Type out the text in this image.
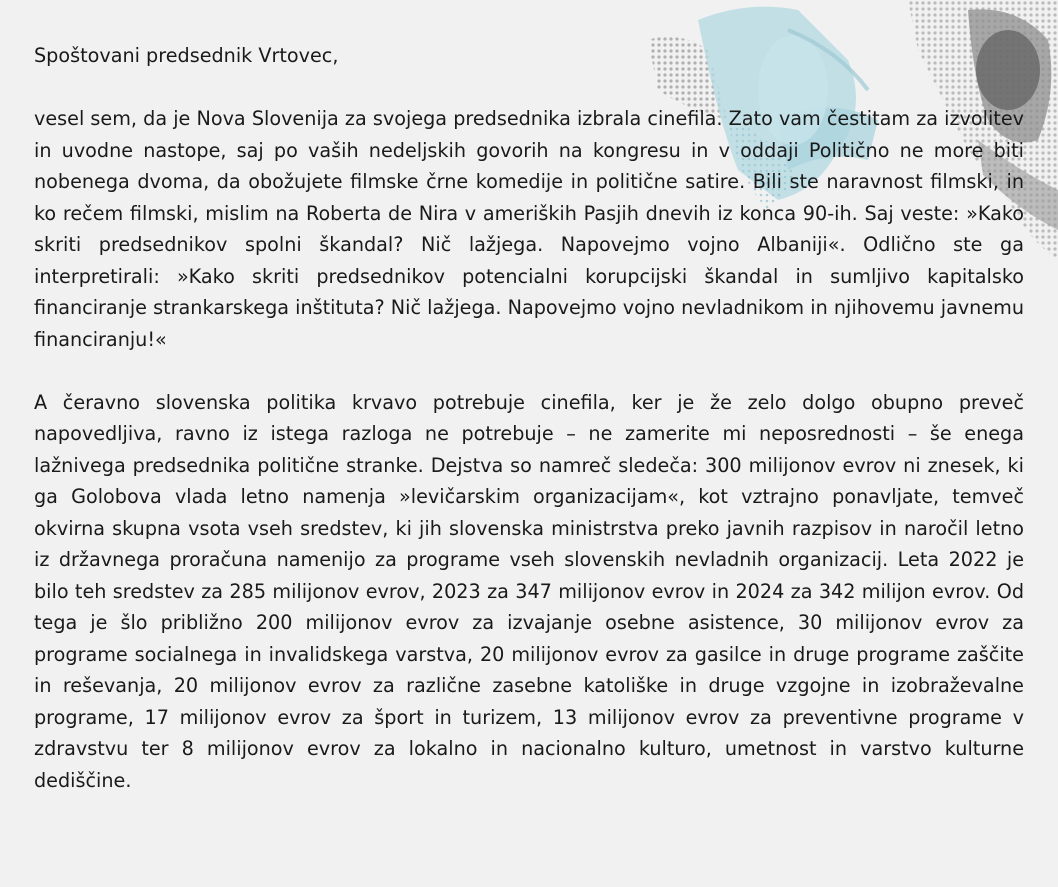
Spoštovani predsednik Vrtovec,

vesel sem, da je Nova Slovenija za svojega predsednika izbrala cinefila. Zato vam čestitam za izvolitev in uvodne nastope, saj po vaših nedeljskih govorih na kongresu in v oddaji Politično ne more biti nobenega dvoma, da obožujete filmske črne komedije in politične satire. Bili ste naravnost filmski, in ko rečem filmski, mislim na Roberta de Nira v ameriških Pasjih dnevih iz konca 90-ih. Saj veste: »Kako skriti predsednikov spolni škandal? Nič lažjega. Napovejmo vojno Albaniji«. Odlično ste ga interpretirali: »Kako skriti predsednikov potencialni korupcijski škandal in sumljivo kapitalsko financiranje strankarskega inštituta? Nič lažjega. Napovejmo vojno nevladnikom in njihovemu javnemu financiranju!«

A čeravno slovenska politika krvavo potrebuje cinefila, ker je že zelo dolgo obupno preveč napovedljiva, ravno iz istega razloga ne potrebuje – ne zamerite mi neposrednosti – še enega lažnivega predsednika politične stranke. Dejstva so namreč sledeča: 300 milijonov evrov ni znesek, ki ga Golobova vlada letno namenja »levičarskim organizacijam«, kot vztrajno ponavljate, temveč okvirna skupna vsota vseh sredstev, ki jih slovenska ministrstva preko javnih razpisov in naročil letno iz državnega proračuna namenijo za programe vseh slovenskih nevladnih organizacij. Leta 2022 je bilo teh sredstev za 285 milijonov evrov, 2023 za 347 milijonov evrov in 2024 za 342 milijon evrov. Od tega je šlo približno 200 milijonov evrov za izvajanje osebne asistence, 30 milijonov evrov za programe socialnega in invalidskega varstva, 20 milijonov evrov za gasilce in druge programe zaščite in reševanja, 20 milijonov evrov za različne zasebne katoliške in druge vzgojne in izobraževalne programe, 17 milijonov evrov za šport in turizem, 13 milijonov evrov za preventivne programe v zdravstvu ter 8 milijonov evrov za lokalno in nacionalno kulturo, umetnost in varstvo kulturne dediščine.
